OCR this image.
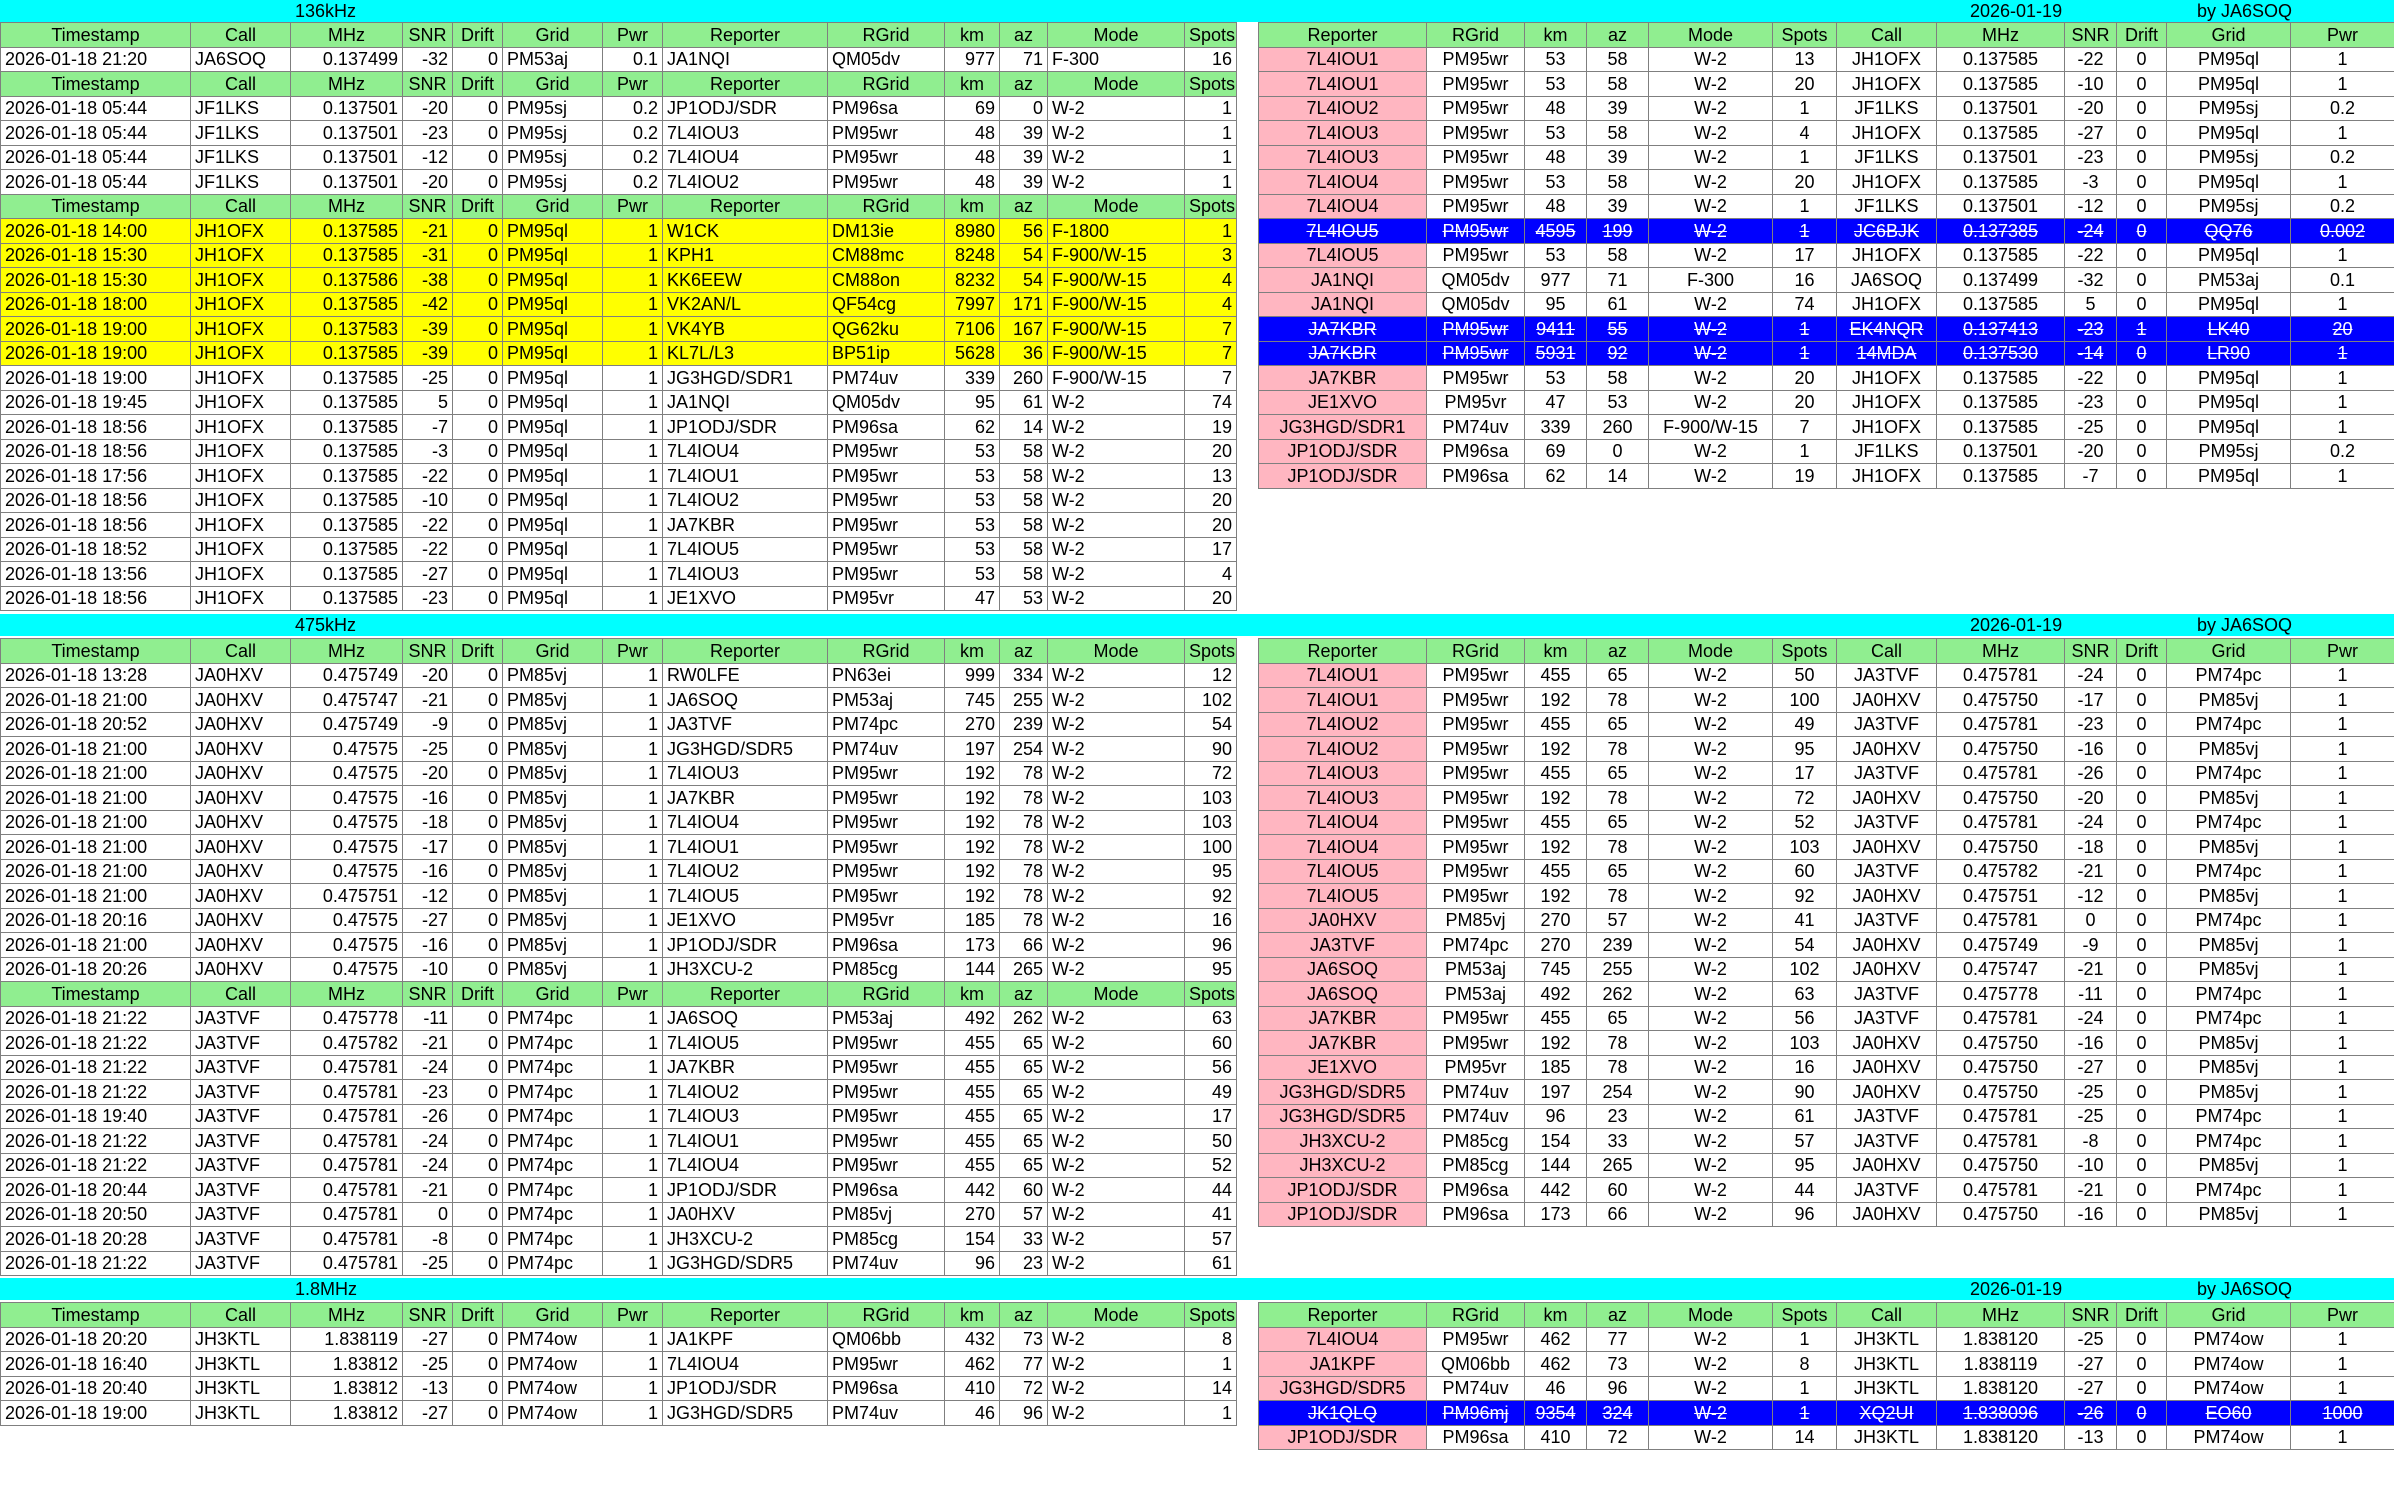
136kHz	2026-01-19	by JA6SOQ
Timestamp	Call	MHz	SNR	Drift	Grid	Pwr	Reporter	RGrid	km	az	Mode	Spots
2026-01-18 21:20	JA6SOQ	0.137499	-32	0	PM53aj	0.1	JA1NQI	QM05dv	977	71	F-300	16
Timestamp	Call	MHz	SNR	Drift	Grid	Pwr	Reporter	RGrid	km	az	Mode	Spots
2026-01-18 05:44	JF1LKS	0.137501	-20	0	PM95sj	0.2	JP1ODJ/SDR	PM96sa	69	0	W-2	1
2026-01-18 05:44	JF1LKS	0.137501	-23	0	PM95sj	0.2	7L4IOU3	PM95wr	48	39	W-2	1
2026-01-18 05:44	JF1LKS	0.137501	-12	0	PM95sj	0.2	7L4IOU4	PM95wr	48	39	W-2	1
2026-01-18 05:44	JF1LKS	0.137501	-20	0	PM95sj	0.2	7L4IOU2	PM95wr	48	39	W-2	1
Timestamp	Call	MHz	SNR	Drift	Grid	Pwr	Reporter	RGrid	km	az	Mode	Spots
2026-01-18 14:00	JH1OFX	0.137585	-21	0	PM95ql	1	W1CK	DM13ie	8980	56	F-1800	1
2026-01-18 15:30	JH1OFX	0.137585	-31	0	PM95ql	1	KPH1	CM88mc	8248	54	F-900/W-15	3
2026-01-18 15:30	JH1OFX	0.137586	-38	0	PM95ql	1	KK6EEW	CM88on	8232	54	F-900/W-15	4
2026-01-18 18:00	JH1OFX	0.137585	-42	0	PM95ql	1	VK2AN/L	QF54cg	7997	171	F-900/W-15	4
2026-01-18 19:00	JH1OFX	0.137583	-39	0	PM95ql	1	VK4YB	QG62ku	7106	167	F-900/W-15	7
2026-01-18 19:00	JH1OFX	0.137585	-39	0	PM95ql	1	KL7L/L3	BP51ip	5628	36	F-900/W-15	7
2026-01-18 19:00	JH1OFX	0.137585	-25	0	PM95ql	1	JG3HGD/SDR1	PM74uv	339	260	F-900/W-15	7
2026-01-18 19:45	JH1OFX	0.137585	5	0	PM95ql	1	JA1NQI	QM05dv	95	61	W-2	74
2026-01-18 18:56	JH1OFX	0.137585	-7	0	PM95ql	1	JP1ODJ/SDR	PM96sa	62	14	W-2	19
2026-01-18 18:56	JH1OFX	0.137585	-3	0	PM95ql	1	7L4IOU4	PM95wr	53	58	W-2	20
2026-01-18 17:56	JH1OFX	0.137585	-22	0	PM95ql	1	7L4IOU1	PM95wr	53	58	W-2	13
2026-01-18 18:56	JH1OFX	0.137585	-10	0	PM95ql	1	7L4IOU2	PM95wr	53	58	W-2	20
2026-01-18 18:56	JH1OFX	0.137585	-22	0	PM95ql	1	JA7KBR	PM95wr	53	58	W-2	20
2026-01-18 18:52	JH1OFX	0.137585	-22	0	PM95ql	1	7L4IOU5	PM95wr	53	58	W-2	17
2026-01-18 13:56	JH1OFX	0.137585	-27	0	PM95ql	1	7L4IOU3	PM95wr	53	58	W-2	4
2026-01-18 18:56	JH1OFX	0.137585	-23	0	PM95ql	1	JE1XVO	PM95vr	47	53	W-2	20
Reporter	RGrid	km	az	Mode	Spots	Call	MHz	SNR	Drift	Grid	Pwr
7L4IOU1	PM95wr	53	58	W-2	13	JH1OFX	0.137585	-22	0	PM95ql	1
7L4IOU1	PM95wr	53	58	W-2	20	JH1OFX	0.137585	-10	0	PM95ql	1
7L4IOU2	PM95wr	48	39	W-2	1	JF1LKS	0.137501	-20	0	PM95sj	0.2
7L4IOU3	PM95wr	53	58	W-2	4	JH1OFX	0.137585	-27	0	PM95ql	1
7L4IOU3	PM95wr	48	39	W-2	1	JF1LKS	0.137501	-23	0	PM95sj	0.2
7L4IOU4	PM95wr	53	58	W-2	20	JH1OFX	0.137585	-3	0	PM95ql	1
7L4IOU4	PM95wr	48	39	W-2	1	JF1LKS	0.137501	-12	0	PM95sj	0.2
7L4IOU5	PM95wr	4595	199	W-2	1	JC6BJK	0.137385	-24	0	QQ76	0.002
7L4IOU5	PM95wr	53	58	W-2	17	JH1OFX	0.137585	-22	0	PM95ql	1
JA1NQI	QM05dv	977	71	F-300	16	JA6SOQ	0.137499	-32	0	PM53aj	0.1
JA1NQI	QM05dv	95	61	W-2	74	JH1OFX	0.137585	5	0	PM95ql	1
JA7KBR	PM95wr	9411	55	W-2	1	EK4NQR	0.137413	-23	1	LK40	20
JA7KBR	PM95wr	5931	92	W-2	1	14MDA	0.137530	-14	0	LR90	1
JA7KBR	PM95wr	53	58	W-2	20	JH1OFX	0.137585	-22	0	PM95ql	1
JE1XVO	PM95vr	47	53	W-2	20	JH1OFX	0.137585	-23	0	PM95ql	1
JG3HGD/SDR1	PM74uv	339	260	F-900/W-15	7	JH1OFX	0.137585	-25	0	PM95ql	1
JP1ODJ/SDR	PM96sa	69	0	W-2	1	JF1LKS	0.137501	-20	0	PM95sj	0.2
JP1ODJ/SDR	PM96sa	62	14	W-2	19	JH1OFX	0.137585	-7	0	PM95ql	1
475kHz	2026-01-19	by JA6SOQ
Timestamp	Call	MHz	SNR	Drift	Grid	Pwr	Reporter	RGrid	km	az	Mode	Spots
2026-01-18 13:28	JA0HXV	0.475749	-20	0	PM85vj	1	RW0LFE	PN63ei	999	334	W-2	12
2026-01-18 21:00	JA0HXV	0.475747	-21	0	PM85vj	1	JA6SOQ	PM53aj	745	255	W-2	102
2026-01-18 20:52	JA0HXV	0.475749	-9	0	PM85vj	1	JA3TVF	PM74pc	270	239	W-2	54
2026-01-18 21:00	JA0HXV	0.47575	-25	0	PM85vj	1	JG3HGD/SDR5	PM74uv	197	254	W-2	90
2026-01-18 21:00	JA0HXV	0.47575	-20	0	PM85vj	1	7L4IOU3	PM95wr	192	78	W-2	72
2026-01-18 21:00	JA0HXV	0.47575	-16	0	PM85vj	1	JA7KBR	PM95wr	192	78	W-2	103
2026-01-18 21:00	JA0HXV	0.47575	-18	0	PM85vj	1	7L4IOU4	PM95wr	192	78	W-2	103
2026-01-18 21:00	JA0HXV	0.47575	-17	0	PM85vj	1	7L4IOU1	PM95wr	192	78	W-2	100
2026-01-18 21:00	JA0HXV	0.47575	-16	0	PM85vj	1	7L4IOU2	PM95wr	192	78	W-2	95
2026-01-18 21:00	JA0HXV	0.475751	-12	0	PM85vj	1	7L4IOU5	PM95wr	192	78	W-2	92
2026-01-18 20:16	JA0HXV	0.47575	-27	0	PM85vj	1	JE1XVO	PM95vr	185	78	W-2	16
2026-01-18 21:00	JA0HXV	0.47575	-16	0	PM85vj	1	JP1ODJ/SDR	PM96sa	173	66	W-2	96
2026-01-18 20:26	JA0HXV	0.47575	-10	0	PM85vj	1	JH3XCU-2	PM85cg	144	265	W-2	95
Timestamp	Call	MHz	SNR	Drift	Grid	Pwr	Reporter	RGrid	km	az	Mode	Spots
2026-01-18 21:22	JA3TVF	0.475778	-11	0	PM74pc	1	JA6SOQ	PM53aj	492	262	W-2	63
2026-01-18 21:22	JA3TVF	0.475782	-21	0	PM74pc	1	7L4IOU5	PM95wr	455	65	W-2	60
2026-01-18 21:22	JA3TVF	0.475781	-24	0	PM74pc	1	JA7KBR	PM95wr	455	65	W-2	56
2026-01-18 21:22	JA3TVF	0.475781	-23	0	PM74pc	1	7L4IOU2	PM95wr	455	65	W-2	49
2026-01-18 19:40	JA3TVF	0.475781	-26	0	PM74pc	1	7L4IOU3	PM95wr	455	65	W-2	17
2026-01-18 21:22	JA3TVF	0.475781	-24	0	PM74pc	1	7L4IOU1	PM95wr	455	65	W-2	50
2026-01-18 21:22	JA3TVF	0.475781	-24	0	PM74pc	1	7L4IOU4	PM95wr	455	65	W-2	52
2026-01-18 20:44	JA3TVF	0.475781	-21	0	PM74pc	1	JP1ODJ/SDR	PM96sa	442	60	W-2	44
2026-01-18 20:50	JA3TVF	0.475781	0	0	PM74pc	1	JA0HXV	PM85vj	270	57	W-2	41
2026-01-18 20:28	JA3TVF	0.475781	-8	0	PM74pc	1	JH3XCU-2	PM85cg	154	33	W-2	57
2026-01-18 21:22	JA3TVF	0.475781	-25	0	PM74pc	1	JG3HGD/SDR5	PM74uv	96	23	W-2	61
Reporter	RGrid	km	az	Mode	Spots	Call	MHz	SNR	Drift	Grid	Pwr
7L4IOU1	PM95wr	455	65	W-2	50	JA3TVF	0.475781	-24	0	PM74pc	1
7L4IOU1	PM95wr	192	78	W-2	100	JA0HXV	0.475750	-17	0	PM85vj	1
7L4IOU2	PM95wr	455	65	W-2	49	JA3TVF	0.475781	-23	0	PM74pc	1
7L4IOU2	PM95wr	192	78	W-2	95	JA0HXV	0.475750	-16	0	PM85vj	1
7L4IOU3	PM95wr	455	65	W-2	17	JA3TVF	0.475781	-26	0	PM74pc	1
7L4IOU3	PM95wr	192	78	W-2	72	JA0HXV	0.475750	-20	0	PM85vj	1
7L4IOU4	PM95wr	455	65	W-2	52	JA3TVF	0.475781	-24	0	PM74pc	1
7L4IOU4	PM95wr	192	78	W-2	103	JA0HXV	0.475750	-18	0	PM85vj	1
7L4IOU5	PM95wr	455	65	W-2	60	JA3TVF	0.475782	-21	0	PM74pc	1
7L4IOU5	PM95wr	192	78	W-2	92	JA0HXV	0.475751	-12	0	PM85vj	1
JA0HXV	PM85vj	270	57	W-2	41	JA3TVF	0.475781	0	0	PM74pc	1
JA3TVF	PM74pc	270	239	W-2	54	JA0HXV	0.475749	-9	0	PM85vj	1
JA6SOQ	PM53aj	745	255	W-2	102	JA0HXV	0.475747	-21	0	PM85vj	1
JA6SOQ	PM53aj	492	262	W-2	63	JA3TVF	0.475778	-11	0	PM74pc	1
JA7KBR	PM95wr	455	65	W-2	56	JA3TVF	0.475781	-24	0	PM74pc	1
JA7KBR	PM95wr	192	78	W-2	103	JA0HXV	0.475750	-16	0	PM85vj	1
JE1XVO	PM95vr	185	78	W-2	16	JA0HXV	0.475750	-27	0	PM85vj	1
JG3HGD/SDR5	PM74uv	197	254	W-2	90	JA0HXV	0.475750	-25	0	PM85vj	1
JG3HGD/SDR5	PM74uv	96	23	W-2	61	JA3TVF	0.475781	-25	0	PM74pc	1
JH3XCU-2	PM85cg	154	33	W-2	57	JA3TVF	0.475781	-8	0	PM74pc	1
JH3XCU-2	PM85cg	144	265	W-2	95	JA0HXV	0.475750	-10	0	PM85vj	1
JP1ODJ/SDR	PM96sa	442	60	W-2	44	JA3TVF	0.475781	-21	0	PM74pc	1
JP1ODJ/SDR	PM96sa	173	66	W-2	96	JA0HXV	0.475750	-16	0	PM85vj	1
1.8MHz	2026-01-19	by JA6SOQ
Timestamp	Call	MHz	SNR	Drift	Grid	Pwr	Reporter	RGrid	km	az	Mode	Spots
2026-01-18 20:20	JH3KTL	1.838119	-27	0	PM74ow	1	JA1KPF	QM06bb	432	73	W-2	8
2026-01-18 16:40	JH3KTL	1.83812	-25	0	PM74ow	1	7L4IOU4	PM95wr	462	77	W-2	1
2026-01-18 20:40	JH3KTL	1.83812	-13	0	PM74ow	1	JP1ODJ/SDR	PM96sa	410	72	W-2	14
2026-01-18 19:00	JH3KTL	1.83812	-27	0	PM74ow	1	JG3HGD/SDR5	PM74uv	46	96	W-2	1
Reporter	RGrid	km	az	Mode	Spots	Call	MHz	SNR	Drift	Grid	Pwr
7L4IOU4	PM95wr	462	77	W-2	1	JH3KTL	1.838120	-25	0	PM74ow	1
JA1KPF	QM06bb	462	73	W-2	8	JH3KTL	1.838119	-27	0	PM74ow	1
JG3HGD/SDR5	PM74uv	46	96	W-2	1	JH3KTL	1.838120	-27	0	PM74ow	1
JK1QLQ	PM96mj	9354	324	W-2	1	XQ2UI	1.838096	-26	0	EO60	1000
JP1ODJ/SDR	PM96sa	410	72	W-2	14	JH3KTL	1.838120	-13	0	PM74ow	1
